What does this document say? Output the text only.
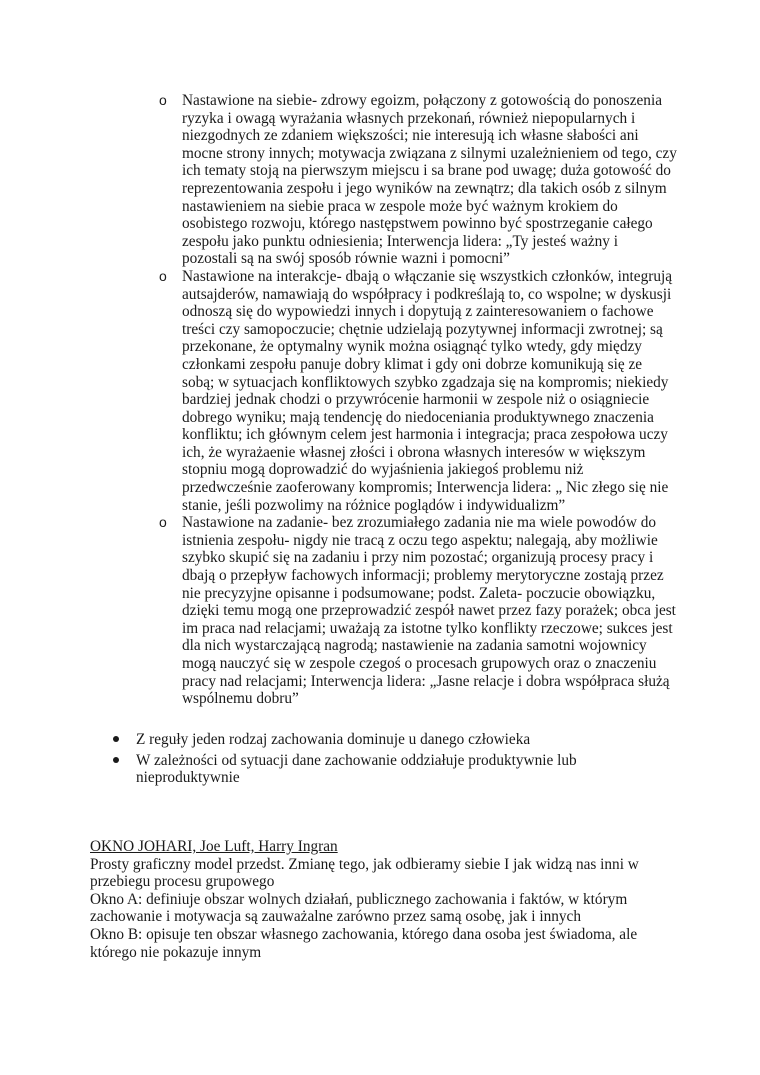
o Nastawione na siebie- zdrowy egoizm, połączony z gotowością do ponoszenia ryzyka i owagą wyrażania własnych przekonań, również niepopularnych i niezgodnych ze zdaniem większości; nie interesują ich własne słabości ani mocne strony innych; motywacja związana z silnymi uzależnieniem od tego, czy ich tematy stoją na pierwszym miejscu i sa brane pod uwagę; duża gotowość do reprezentowania zespołu i jego wyników na zewnątrz; dla takich osób z silnym nastawieniem na siebie praca w zespole może być ważnym krokiem do osobistego rozwoju, którego następstwem powinno być spostrzeganie całego zespołu jako punktu odniesienia; Interwencja lidera: „Ty jesteś ważny i pozostali są na swój sposób równie wazni i pomocni”
o Nastawione na interakcje- dbają o włączanie się wszystkich członków, integrują autsajderów, namawiają do współpracy i podkreślają to, co wspolne; w dyskusji odnoszą się do wypowiedzi innych i dopytują z zainteresowaniem o fachowe treści czy samopoczucie; chętnie udzielają pozytywnej informacji zwrotnej; są przekonane, że optymalny wynik można osiągnąć tylko wtedy, gdy między członkami zespołu panuje dobry klimat i gdy oni dobrze komunikują się ze sobą; w sytuacjach konfliktowych szybko zgadzaja się na kompromis; niekiedy bardziej jednak chodzi o przywrócenie harmonii w zespole niż o osiągniecie dobrego wyniku; mają tendencję do niedoceniania produktywnego znaczenia konfliktu; ich głównym celem jest harmonia i integracja; praca zespołowa uczy ich, że wyrażaenie własnej złości i obrona własnych interesów w większym stopniu mogą doprowadzić do wyjaśnienia jakiegoś problemu niż przedwcześnie zaoferowany kompromis; Interwencja lidera: „ Nic złego się nie stanie, jeśli pozwolimy na różnice poglądów i indywidualizm”
o Nastawione na zadanie- bez zrozumiałego zadania nie ma wiele powodów do istnienia zespołu- nigdy nie tracą z oczu tego aspektu; nalegają, aby możliwie szybko skupić się na zadaniu i przy nim pozostać; organizują procesy pracy i dbają o przepływ fachowych informacji; problemy merytoryczne zostają przez nie precyzyjne opisanne i podsumowane; podst. Zaleta- poczucie obowiązku, dzięki temu mogą one przeprowadzić zespół nawet przez fazy porażek; obca jest im praca nad relacjami; uważają za istotne tylko konflikty rzeczowe; sukces jest dla nich wystarczającą nagrodą; nastawienie na zadania samotni wojownicy mogą nauczyć się w zespole czegoś o procesach grupowych oraz o znaczeniu pracy nad relacjami; Interwencja lidera: „Jasne relacje i dobra współpraca służą wspólnemu dobru”
Z reguły jeden rodzaj zachowania dominuje u danego człowieka
W zależności od sytuacji dane zachowanie oddziałuje produktywnie lub nieproduktywnie

OKNO JOHARI, Joe Luft, Harry Ingran

Prosty graficzny model przedst. Zmianę tego, jak odbieramy siebie I jak widzą nas inni w przebiegu procesu grupowego

Okno A: definiuje obszar wolnych działań, publicznego zachowania i faktów, w którym zachowanie i motywacja są zauważalne zarówno przez samą osobę, jak i innych

Okno B: opisuje ten obszar własnego zachowania, którego dana osoba jest świadoma, ale którego nie pokazuje innym
